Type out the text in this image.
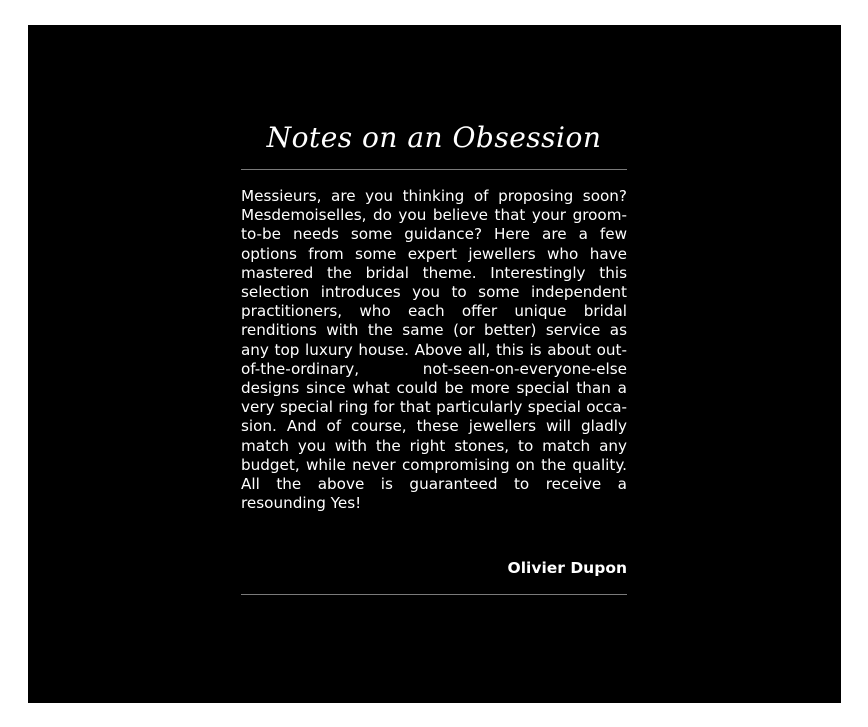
Notes on an Obsession
Messieurs, are you thinking of proposing soon? Mesdemoiselles, do you believe that your groom-to-be needs some guidance? Here are a few options from some expert jewellers who have mastered the bridal theme. Interestingly this selection introduces you to some independent practitioners, who each offer unique bridal renditions with the same (or better) service as any top luxury house. Above all, this is about out-of-the-ordinary, not-seen-on-everyone-else designs since what could be more special than a very special ring for that particularly special occasion. And of course, these jewellers will gladly match you with the right stones, to match any budget, while never compromising on the quality. All the above is guaranteed to receive a resounding Yes!
Olivier Dupon
